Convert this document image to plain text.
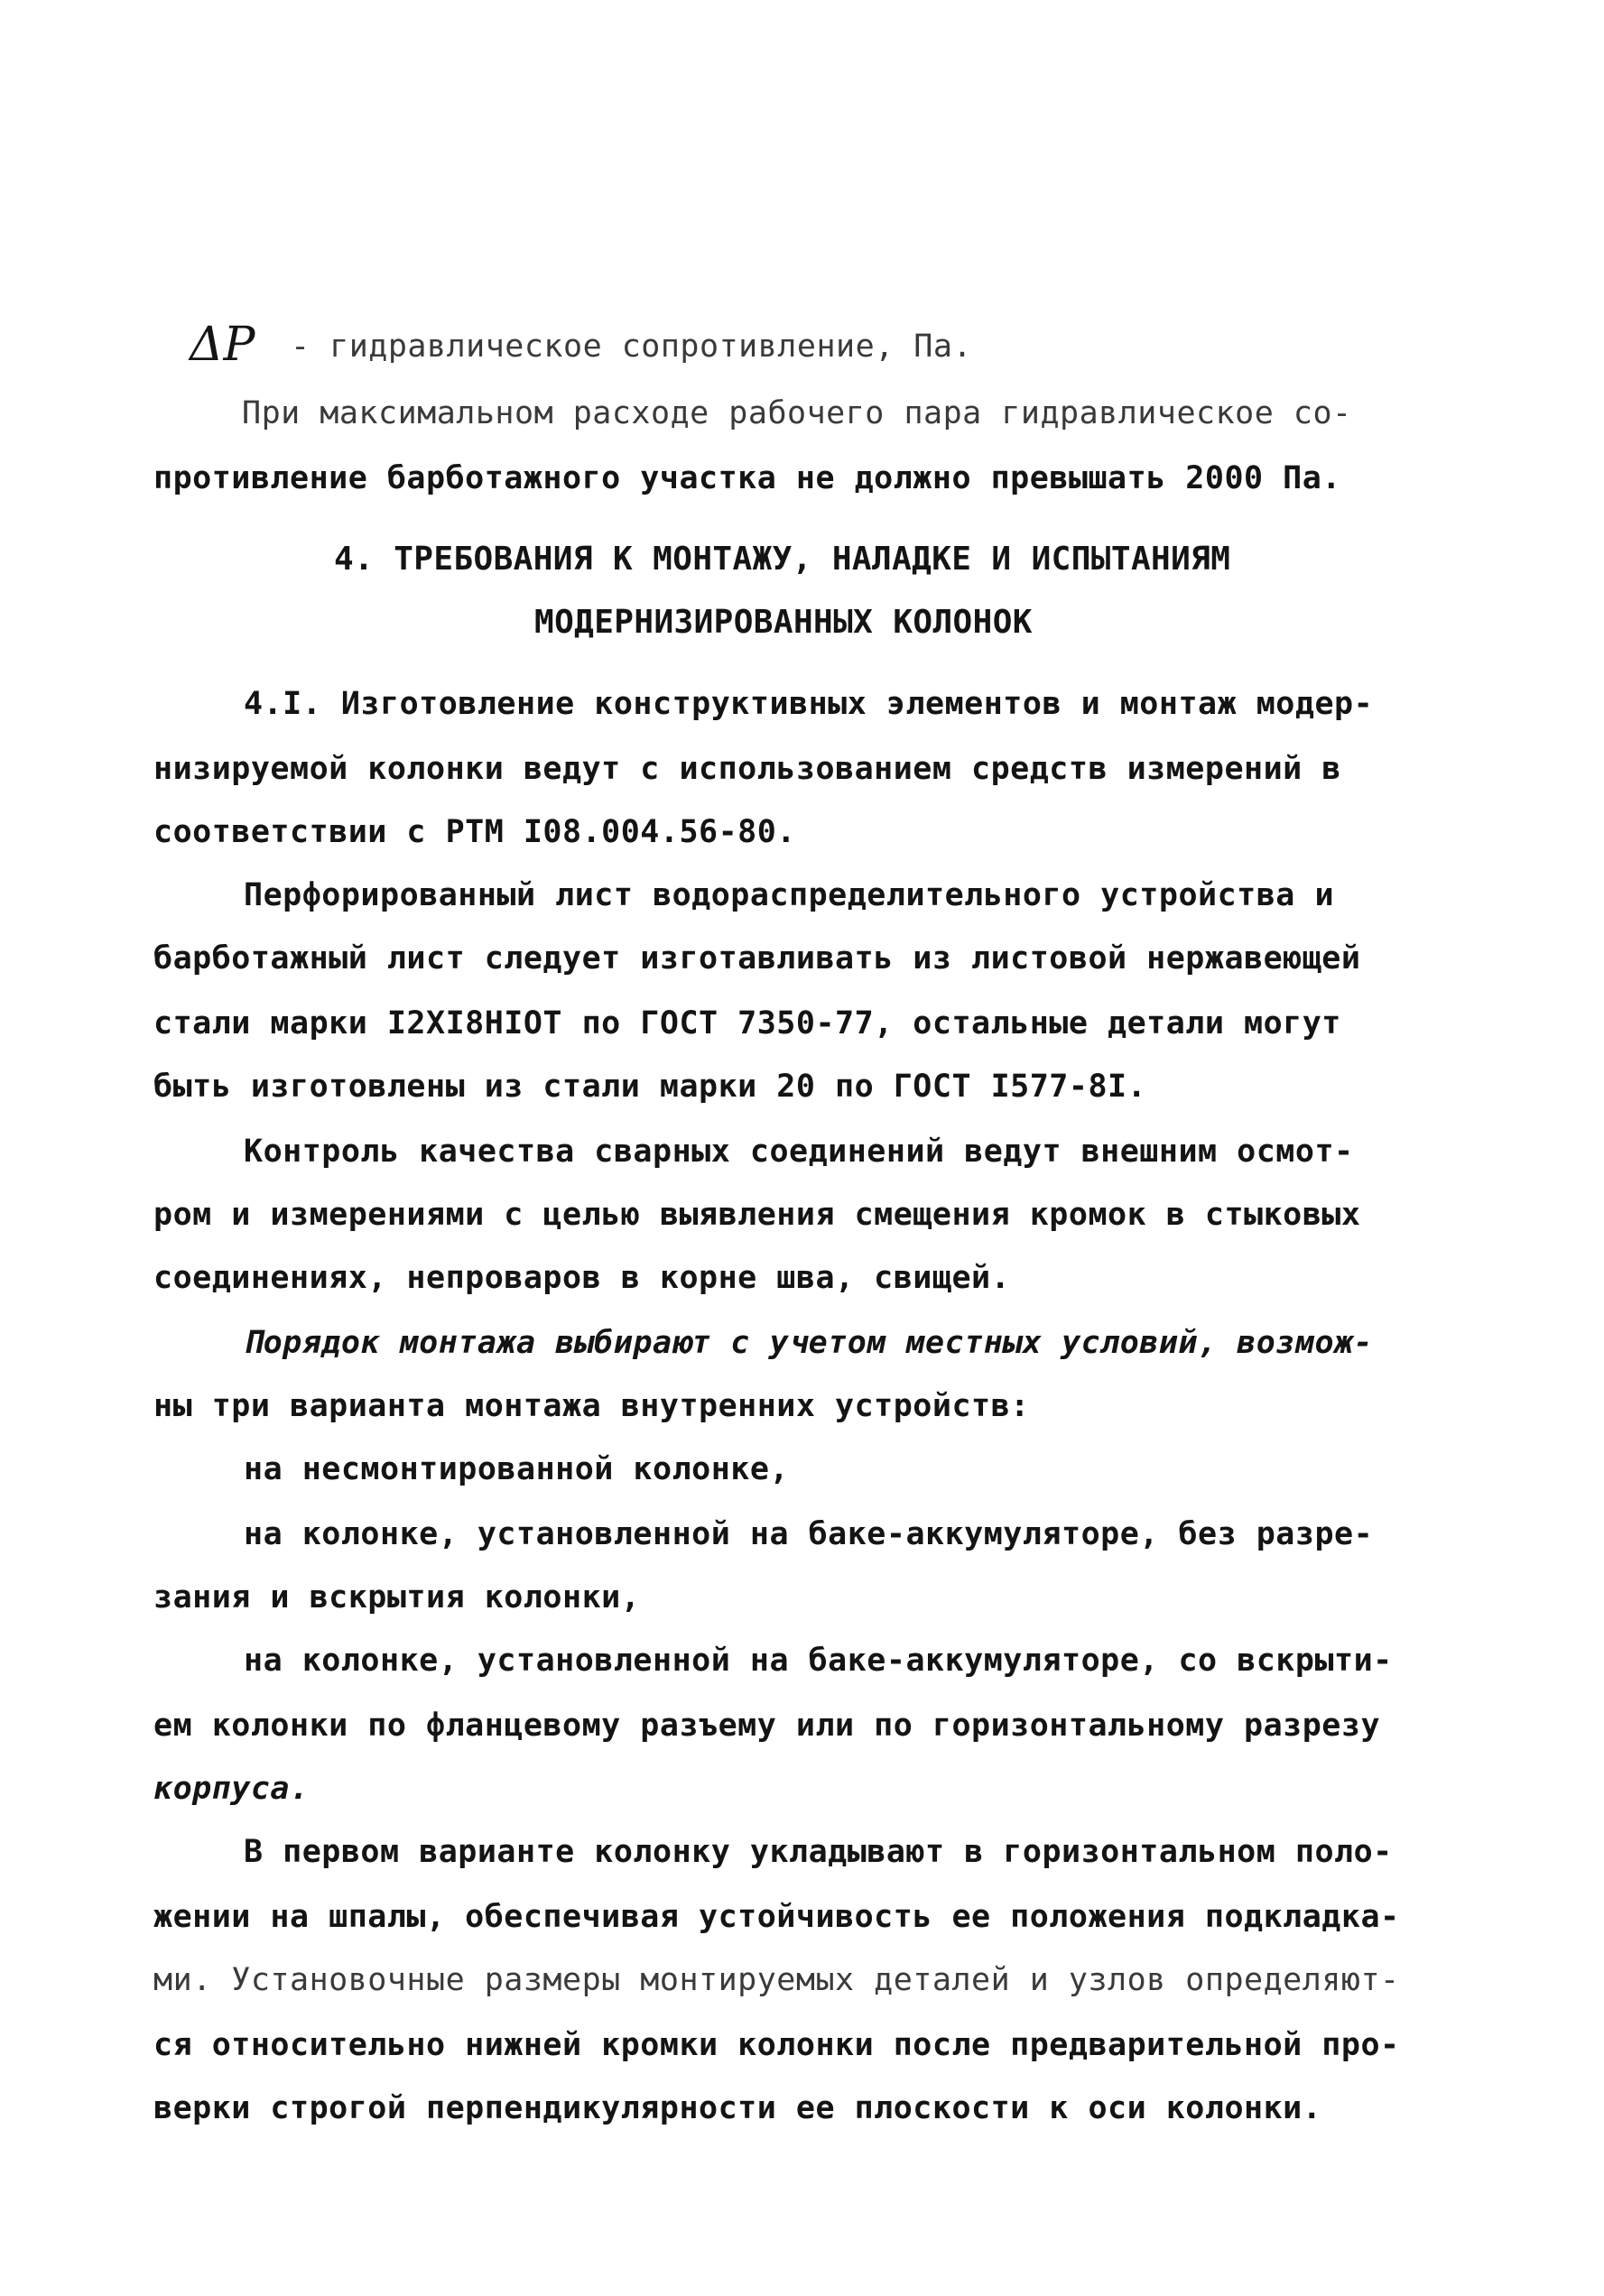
ΔP - гидравлическое сопротивление, Па.
При максимальном расходе рабочего пара гидравлическое со-
противление барботажного участка не должно превышать 2000 Па.
4. ТРЕБОВАНИЯ К МОНТАЖУ, НАЛАДКЕ И ИСПЫТАНИЯМ
МОДЕРНИЗИРОВАННЫХ КОЛОНОК
4.I. Изготовление конструктивных элементов и монтаж модер-
низируемой колонки ведут с использованием средств измерений в
соответствии с РТМ I08.004.56-80.
Перфорированный лист водораспределительного устройства и
барботажный лист следует изготавливать из листовой нержавеющей
стали марки I2XI8HIOT по ГОСТ 7350-77, остальные детали могут
быть изготовлены из стали марки 20 по ГОСТ I577-8I.
Контроль качества сварных соединений ведут внешним осмот-
ром и измерениями с целью выявления смещения кромок в стыковых
соединениях, непроваров в корне шва, свищей.
Порядок монтажа выбирают с учетом местных условий, возмож-
ны три варианта монтажа внутренних устройств:
на несмонтированной колонке,
на колонке, установленной на баке-аккумуляторе, без разре-
зания и вскрытия колонки,
на колонке, установленной на баке-аккумуляторе, со вскрыти-
ем колонки по фланцевому разъему или по горизонтальному разрезу
корпуса.
В первом варианте колонку укладывают в горизонтальном поло-
жении на шпалы, обеспечивая устойчивость ее положения подкладка-
ми. Установочные размеры монтируемых деталей и узлов определяют-
ся относительно нижней кромки колонки после предварительной про-
верки строгой перпендикулярности ее плоскости к оси колонки.
